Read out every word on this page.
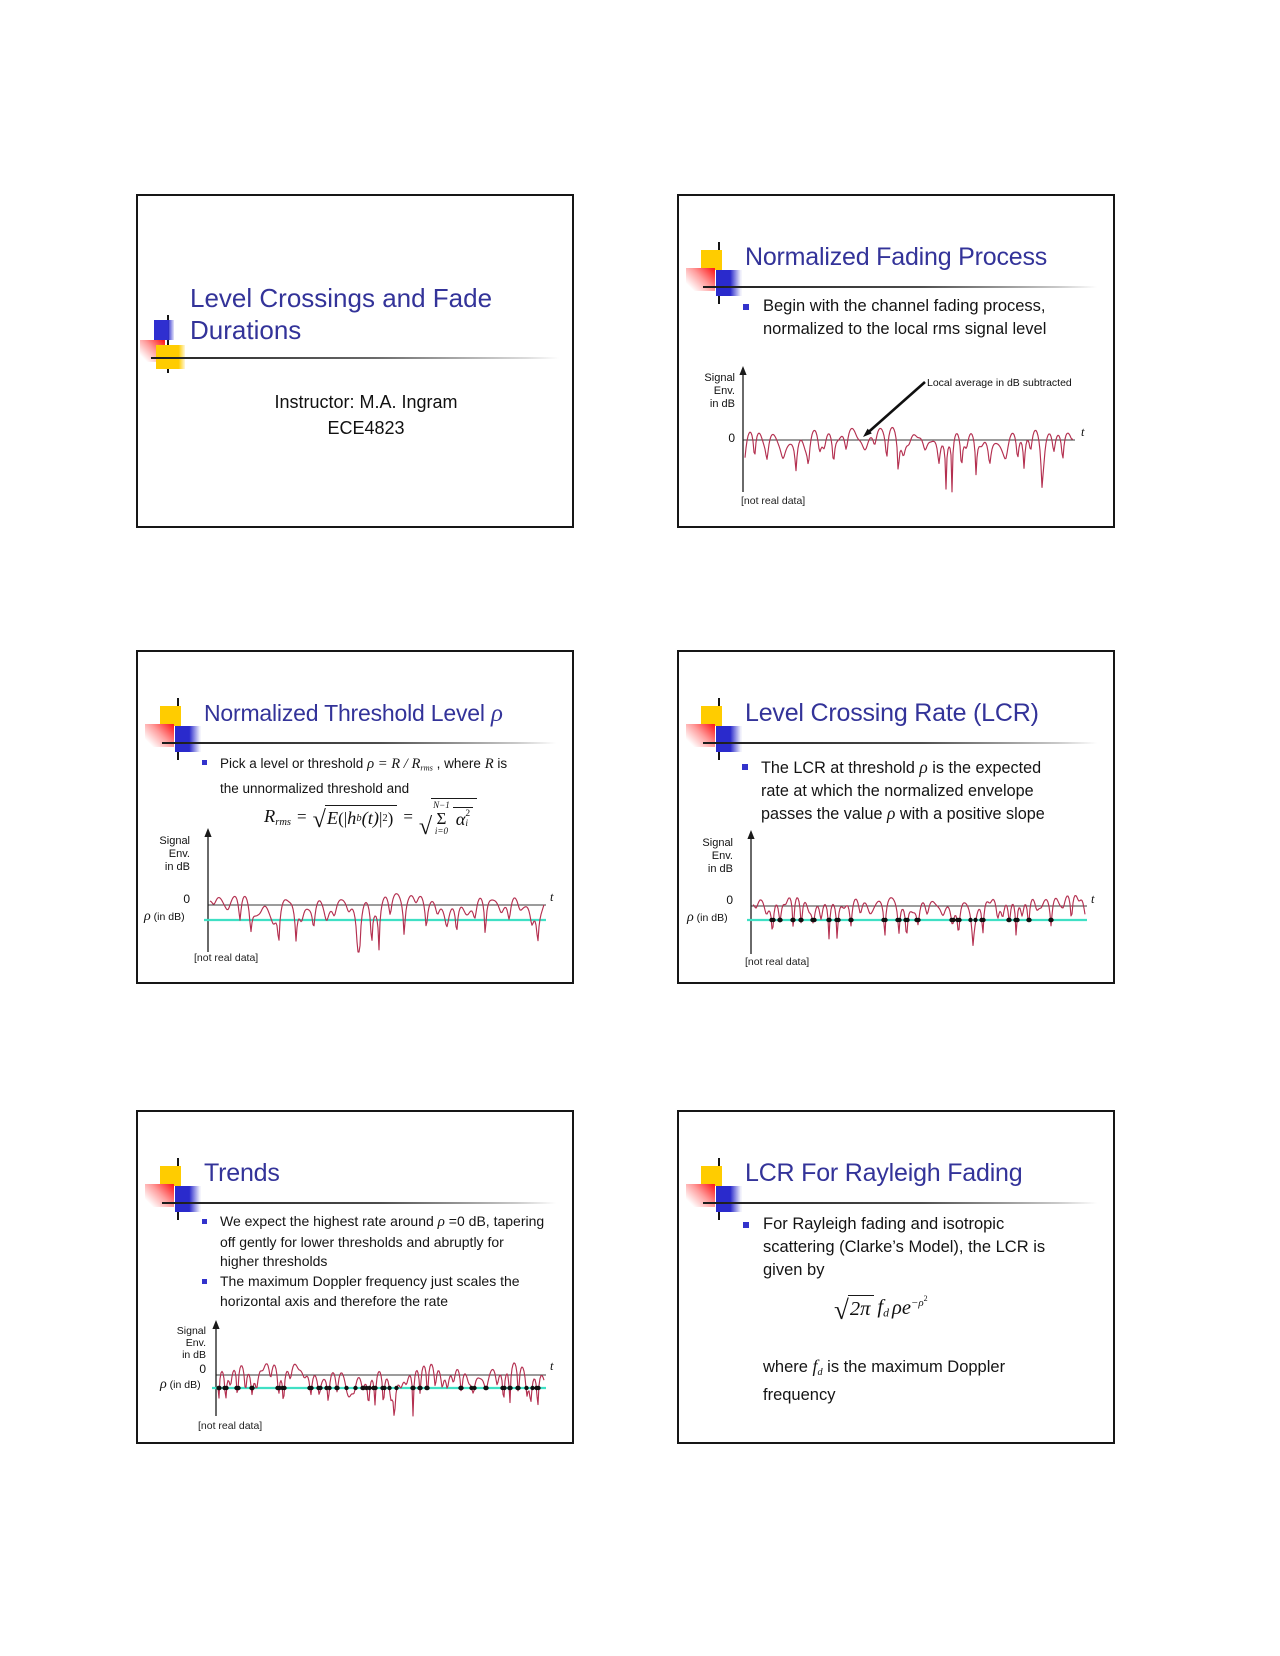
Level Crossings and Fade
Durations
Instructor: M.A. Ingram
ECE4823
Normalized Fading Process
Begin with the channel fading process,
normalized to the local rms signal level
Signal
Env.
in dB
0
Local average in dB subtracted
t
[not real data]
Normalized Threshold Level ρ
Pick a level or threshold ρ = R / Rrms , where R is
the unnormalized threshold and
Rrms = √ E (| h b (t) | 2 ) = √
N−1
Σ
i=0
α 2
i
Signal
Env.
in dB
0
ρ (in dB)
t
[not real data]
Level Crossing Rate (LCR)
The LCR at threshold ρ is the expected
rate at which the normalized envelope
passes the value ρ with a positive slope
Signal
Env.
in dB
0
ρ (in dB)
t
[not real data]
Trends
We expect the highest rate around ρ =0 dB, tapering
off gently for lower thresholds and abruptly for
higher thresholds
The maximum Doppler frequency just scales the
horizontal axis and therefore the rate
Signal
Env.
in dB
0
ρ (in dB)
t
[not real data]
LCR For Rayleigh Fading
For Rayleigh fading and isotropic
scattering (Clarke’s Model), the LCR is
given by
√ 2π fd ρe −ρ 2
where fd is the maximum Doppler
frequency
